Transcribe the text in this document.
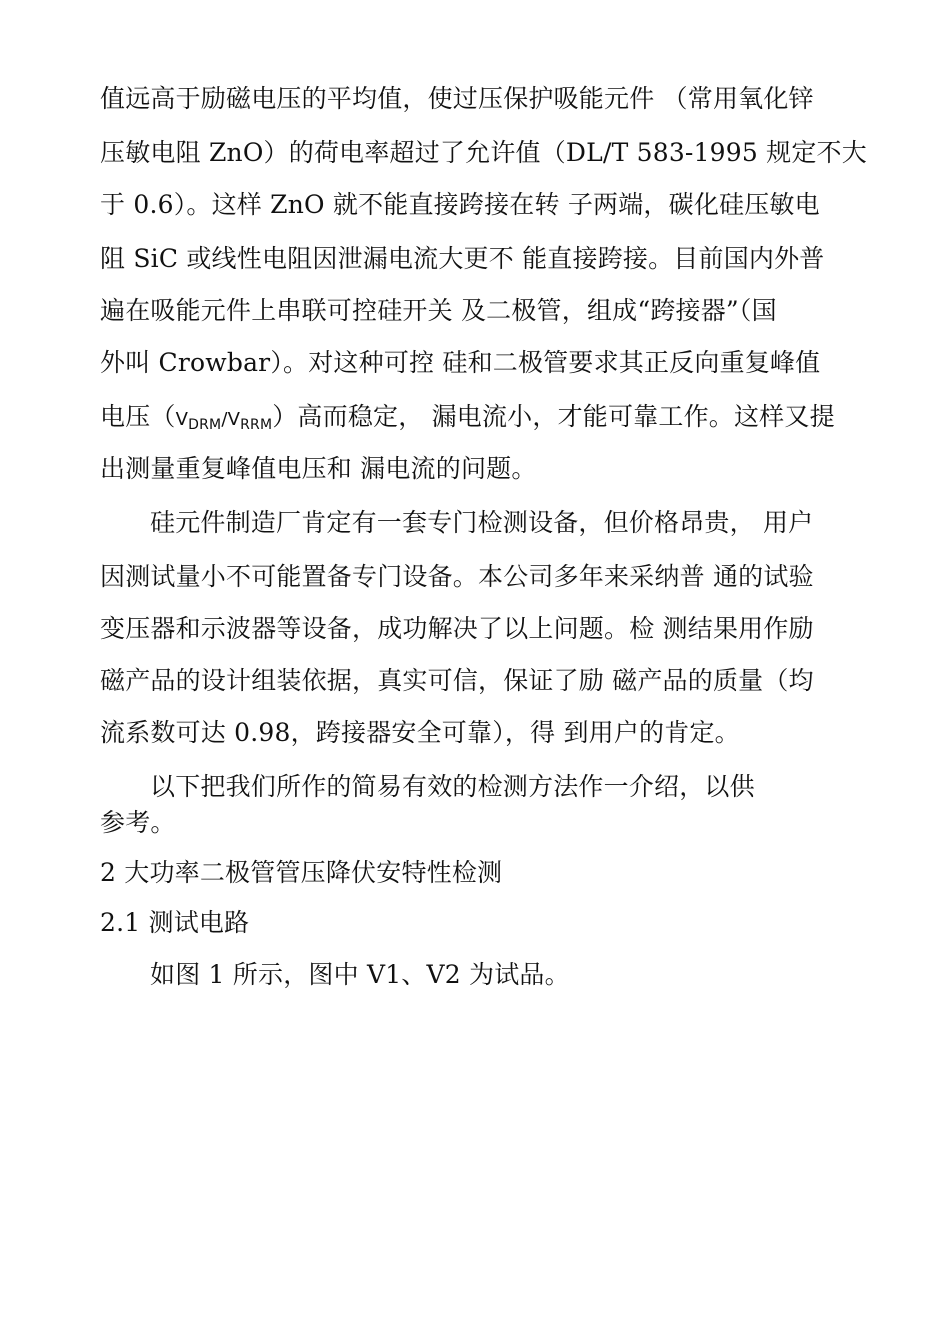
值远高于励磁电压的平均值，使过压保护吸能元件 （常用氧化锌
压敏电阻 ZnO）的荷电率超过了允许值（DL/T 583-1995 规定不大
于 0.6）。这样 ZnO 就不能直接跨接在转 子两端，碳化硅压敏电
阻 SiC 或线性电阻因泄漏电流大更不 能直接跨接。目前国内外普
遍在吸能元件上串联可控硅开关 及二极管，组成“跨接器”（国
外叫 Crowbar）。对这种可控 硅和二极管要求其正反向重复峰值
电压$(V_{DRM}/V_{RRM})$高而稳定， 漏电流小，才能可靠工作。这样又提
出测量重复峰值电压和 漏电流的问题。
硅元件制造厂肯定有一套专门检测设备，但价格昂贵， 用户
因测试量小不可能置备专门设备。本公司多年来采纳普 通的试验
变压器和示波器等设备，成功解决了以上问题。检 测结果用作励
磁产品的设计组装依据，真实可信，保证了励 磁产品的质量（均
流系数可达 0.98，跨接器安全可靠），得 到用户的肯定。
以下把我们所作的简易有效的检测方法作一介绍，以供
参考。
2 大功率二极管管压降伏安特性检测
2.1 测试电路
如图 1 所示，图中 V1、V2 为试品。
